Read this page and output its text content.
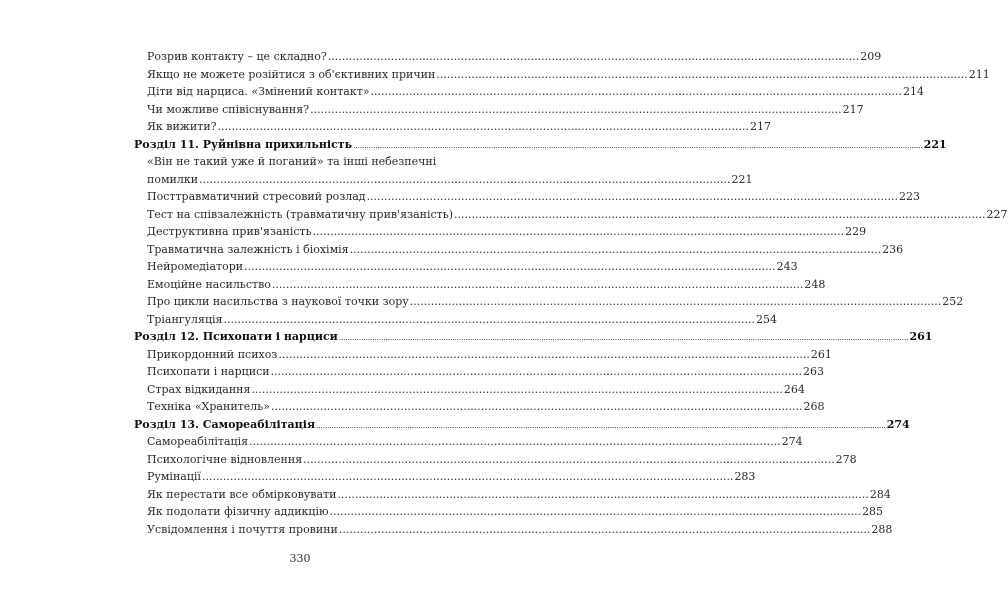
Розрив контакту – це складно? .....	209
Якщо не можете розійтися з об'єктивних причин .....	211
Діти від нарциса. «Змінений контакт» .....	214
Чи можливе співіснування? .....	217
Як вижити? .....	217
Розділ 11. Руйнівна прихильність .....	221
«Він не такий уже й поганий» та інші небезпечні
помилки .....	221
Посттравматичний стресовий розлад .....	223
Тест на співзалежність (травматичну прив'язаність) .....	227
Деструктивна прив'язаність .....	229
Травматична залежність і біохімія .....	236
Нейромедіатори .....	243
Емоційне насильство .....	248
Про цикли насильства з наукової точки зору .....	252
Тріангуляція .....	254
Розділ 12. Психопати і нарциси .....	261
Прикордонний психоз .....	261
Психопати і нарциси .....	263
Страх відкидання .....	264
Техніка «Хранитель» .....	268
Розділ 13. Самореабілітація .....	274
Самореабілітація .....	274
Психологічне відновлення .....	278
Румінації .....	283
Як перестати все обмірковувати .....	284
Як подолати фізичну аддикцію .....	285
Усвідомлення і почуття провини .....	288
330
